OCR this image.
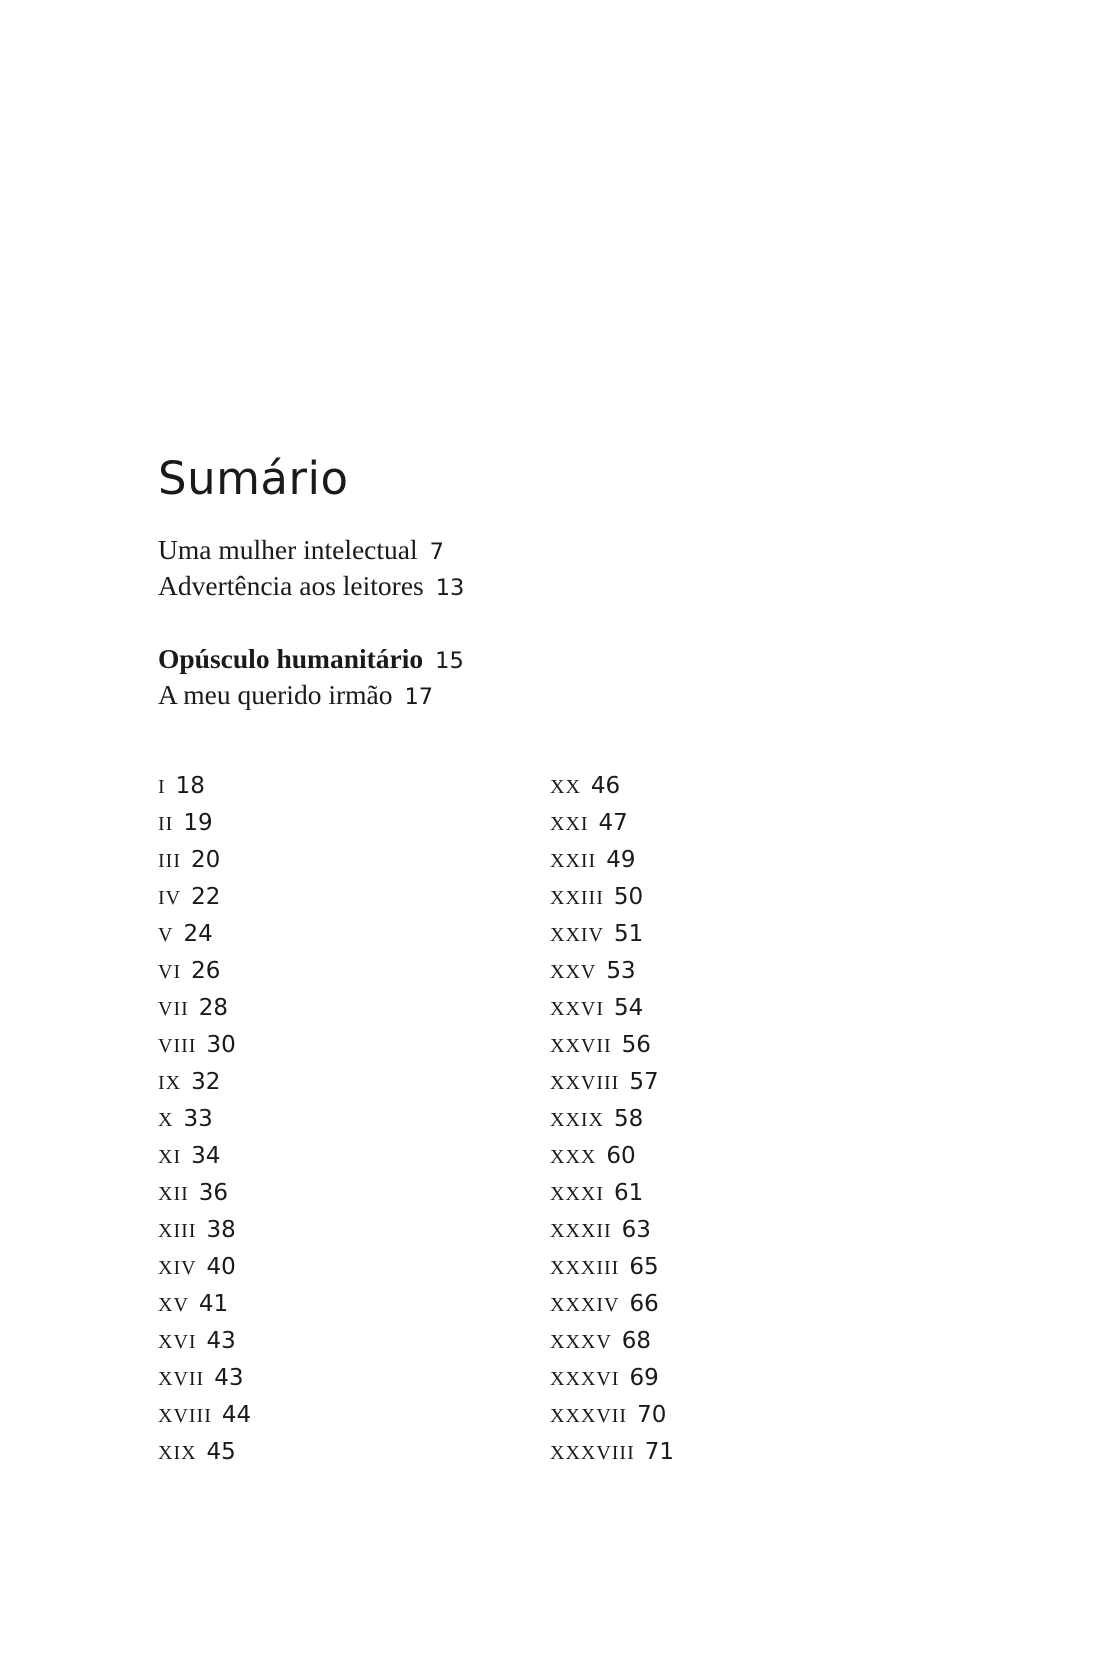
Sumário
Uma mulher intelectual 7
Advertência aos leitores 13
Opúsculo humanitário 15
A meu querido irmão 17
I 18
II 19
III 20
IV 22
V 24
VI 26
VII 28
VIII 30
IX 32
X 33
XI 34
XII 36
XIII 38
XIV 40
XV 41
XVI 43
XVII 43
XVIII 44
XIX 45
XX 46
XXI 47
XXII 49
XXIII 50
XXIV 51
XXV 53
XXVI 54
XXVII 56
XXVIII 57
XXIX 58
XXX 60
XXXI 61
XXXII 63
XXXIII 65
XXXIV 66
XXXV 68
XXXVI 69
XXXVII 70
XXXVIII 71
